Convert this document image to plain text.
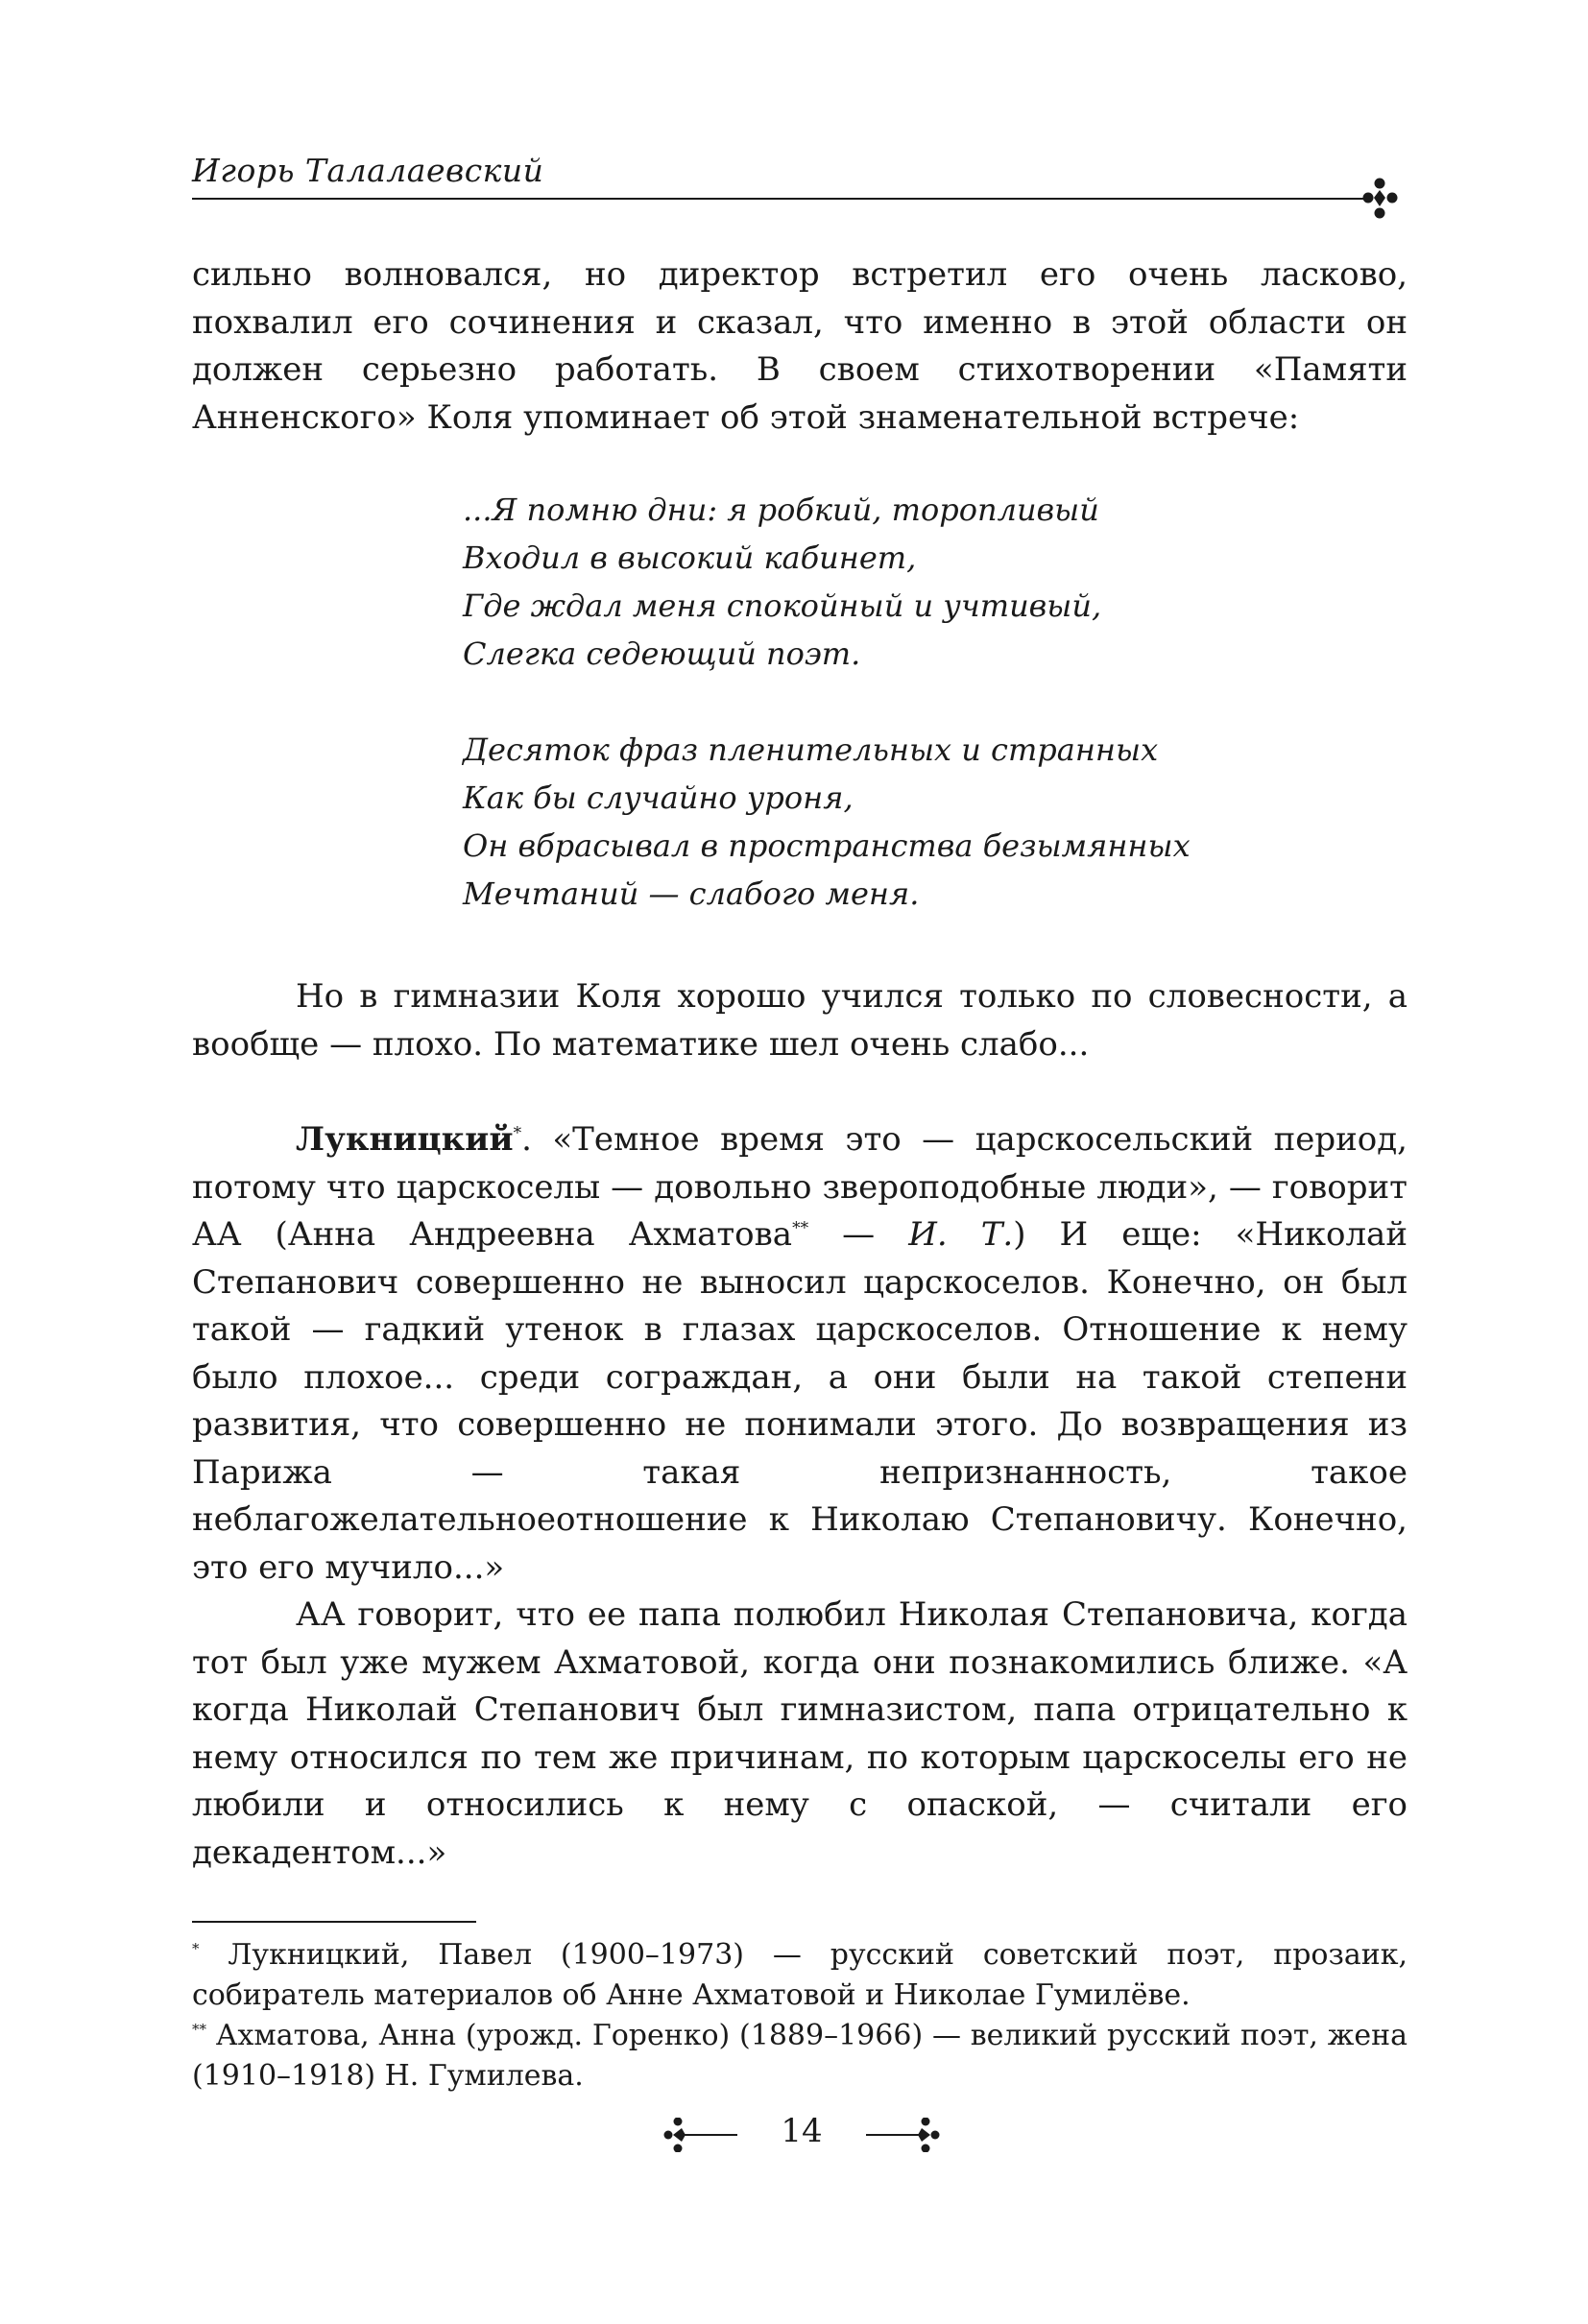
Игорь Талалаевский

сильно волновался, но директор встретил его очень ласково, похвалил его сочинения и сказал, что именно в этой области он должен серьезно работать. В своем стихотворении «Памяти Анненского» Коля упоминает об этой знаменательной встрече:

...Я помню дни: я робкий, торопливый
Входил в высокий кабинет,
Где ждал меня спокойный и учтивый,
Слегка седеющий поэт.
Десяток фраз пленительных и странных
Как бы случайно уроня,
Он вбрасывал в пространства безымянных
Мечтаний — слабого меня.

Но в гимназии Коля хорошо учился только по словесности, а вообще — плохо. По математике шел очень слабо...

Лукницкий*. «Темное время это — царскосельский период, потому что царскоселы — довольно звероподобные люди», — говорит АА (Анна Андреевна Ахматова** — И. Т.) И еще: «Николай Степанович совершенно не выносил царскоселов. Конечно, он был такой — гадкий утенок в глазах царскоселов. Отношение к нему было плохое... среди сограждан, а они были на такой степени развития, что совершенно не понимали этого. До возвращения из Парижа — такая непризнанность, такое неблагожелательноеотношение к Николаю Степановичу. Конечно, это его мучило...»

АА говорит, что ее папа полюбил Николая Степановича, когда тот был уже мужем Ахматовой, когда они познакомились ближе. «А когда Николай Степанович был гимназистом, папа отрицательно к нему относился по тем же причинам, по которым царскоселы его не любили и относились к нему с опаской, — считали его декадентом...»

* Лукницкий, Павел (1900–1973) — русский советский поэт, прозаик, собиратель материалов об Анне Ахматовой и Николае Гумилёве.

** Ахматова, Анна (урожд. Горенко) (1889–1966) — великий русский поэт, жена (1910–1918) Н. Гумилева.

14
